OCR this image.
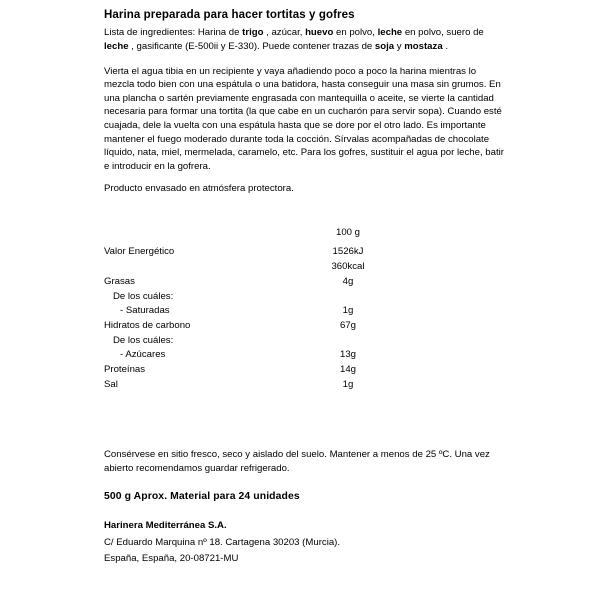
Harina preparada para hacer tortitas y gofres
Lista de ingredientes: Harina de trigo , azúcar, huevo en polvo, leche en polvo, suero de leche , gasificante (E-500ii y E-330). Puede contener trazas de soja y mostaza .
Vierta el agua tibia en un recipiente y vaya añadiendo poco a poco la harina mientras lo mezcla todo bien con una espátula o una batidora, hasta conseguir una masa sin grumos. En una plancha o sartén previamente engrasada con mantequilla o aceite, se vierte la cantidad necesaria para formar una tortita (la que cabe en un cucharón para servir sopa). Cuando esté cuajada, dele la vuelta con una espátula hasta que se dore por el otro lado. Es importante mantener el fuego moderado durante toda la cocción. Sírvalas acompañadas de chocolate líquido, nata, miel, mermelada, caramelo, etc. Para los gofres, sustituir el agua por leche, batir e introducir en la gofrera.
Producto envasado en atmósfera protectora.
	100 g
Valor Energético	1526kJ
	360kcal
Grasas	4g
De los cuáles:	
- Saturadas	1g
Hidratos de carbono	67g
De los cuáles:	
- Azúcares	13g
Proteínas	14g
Sal	1g
Consérvese en sitio fresco, seco y aislado del suelo. Mantener a menos de 25 ºC. Una vez abierto recomendamos guardar refrigerado.
500 g Aprox. Material para 24 unidades
Harinera Mediterránea S.A.
C/ Eduardo Marquina nº 18. Cartagena 30203 (Murcia).
España, España, 20-08721-MU
